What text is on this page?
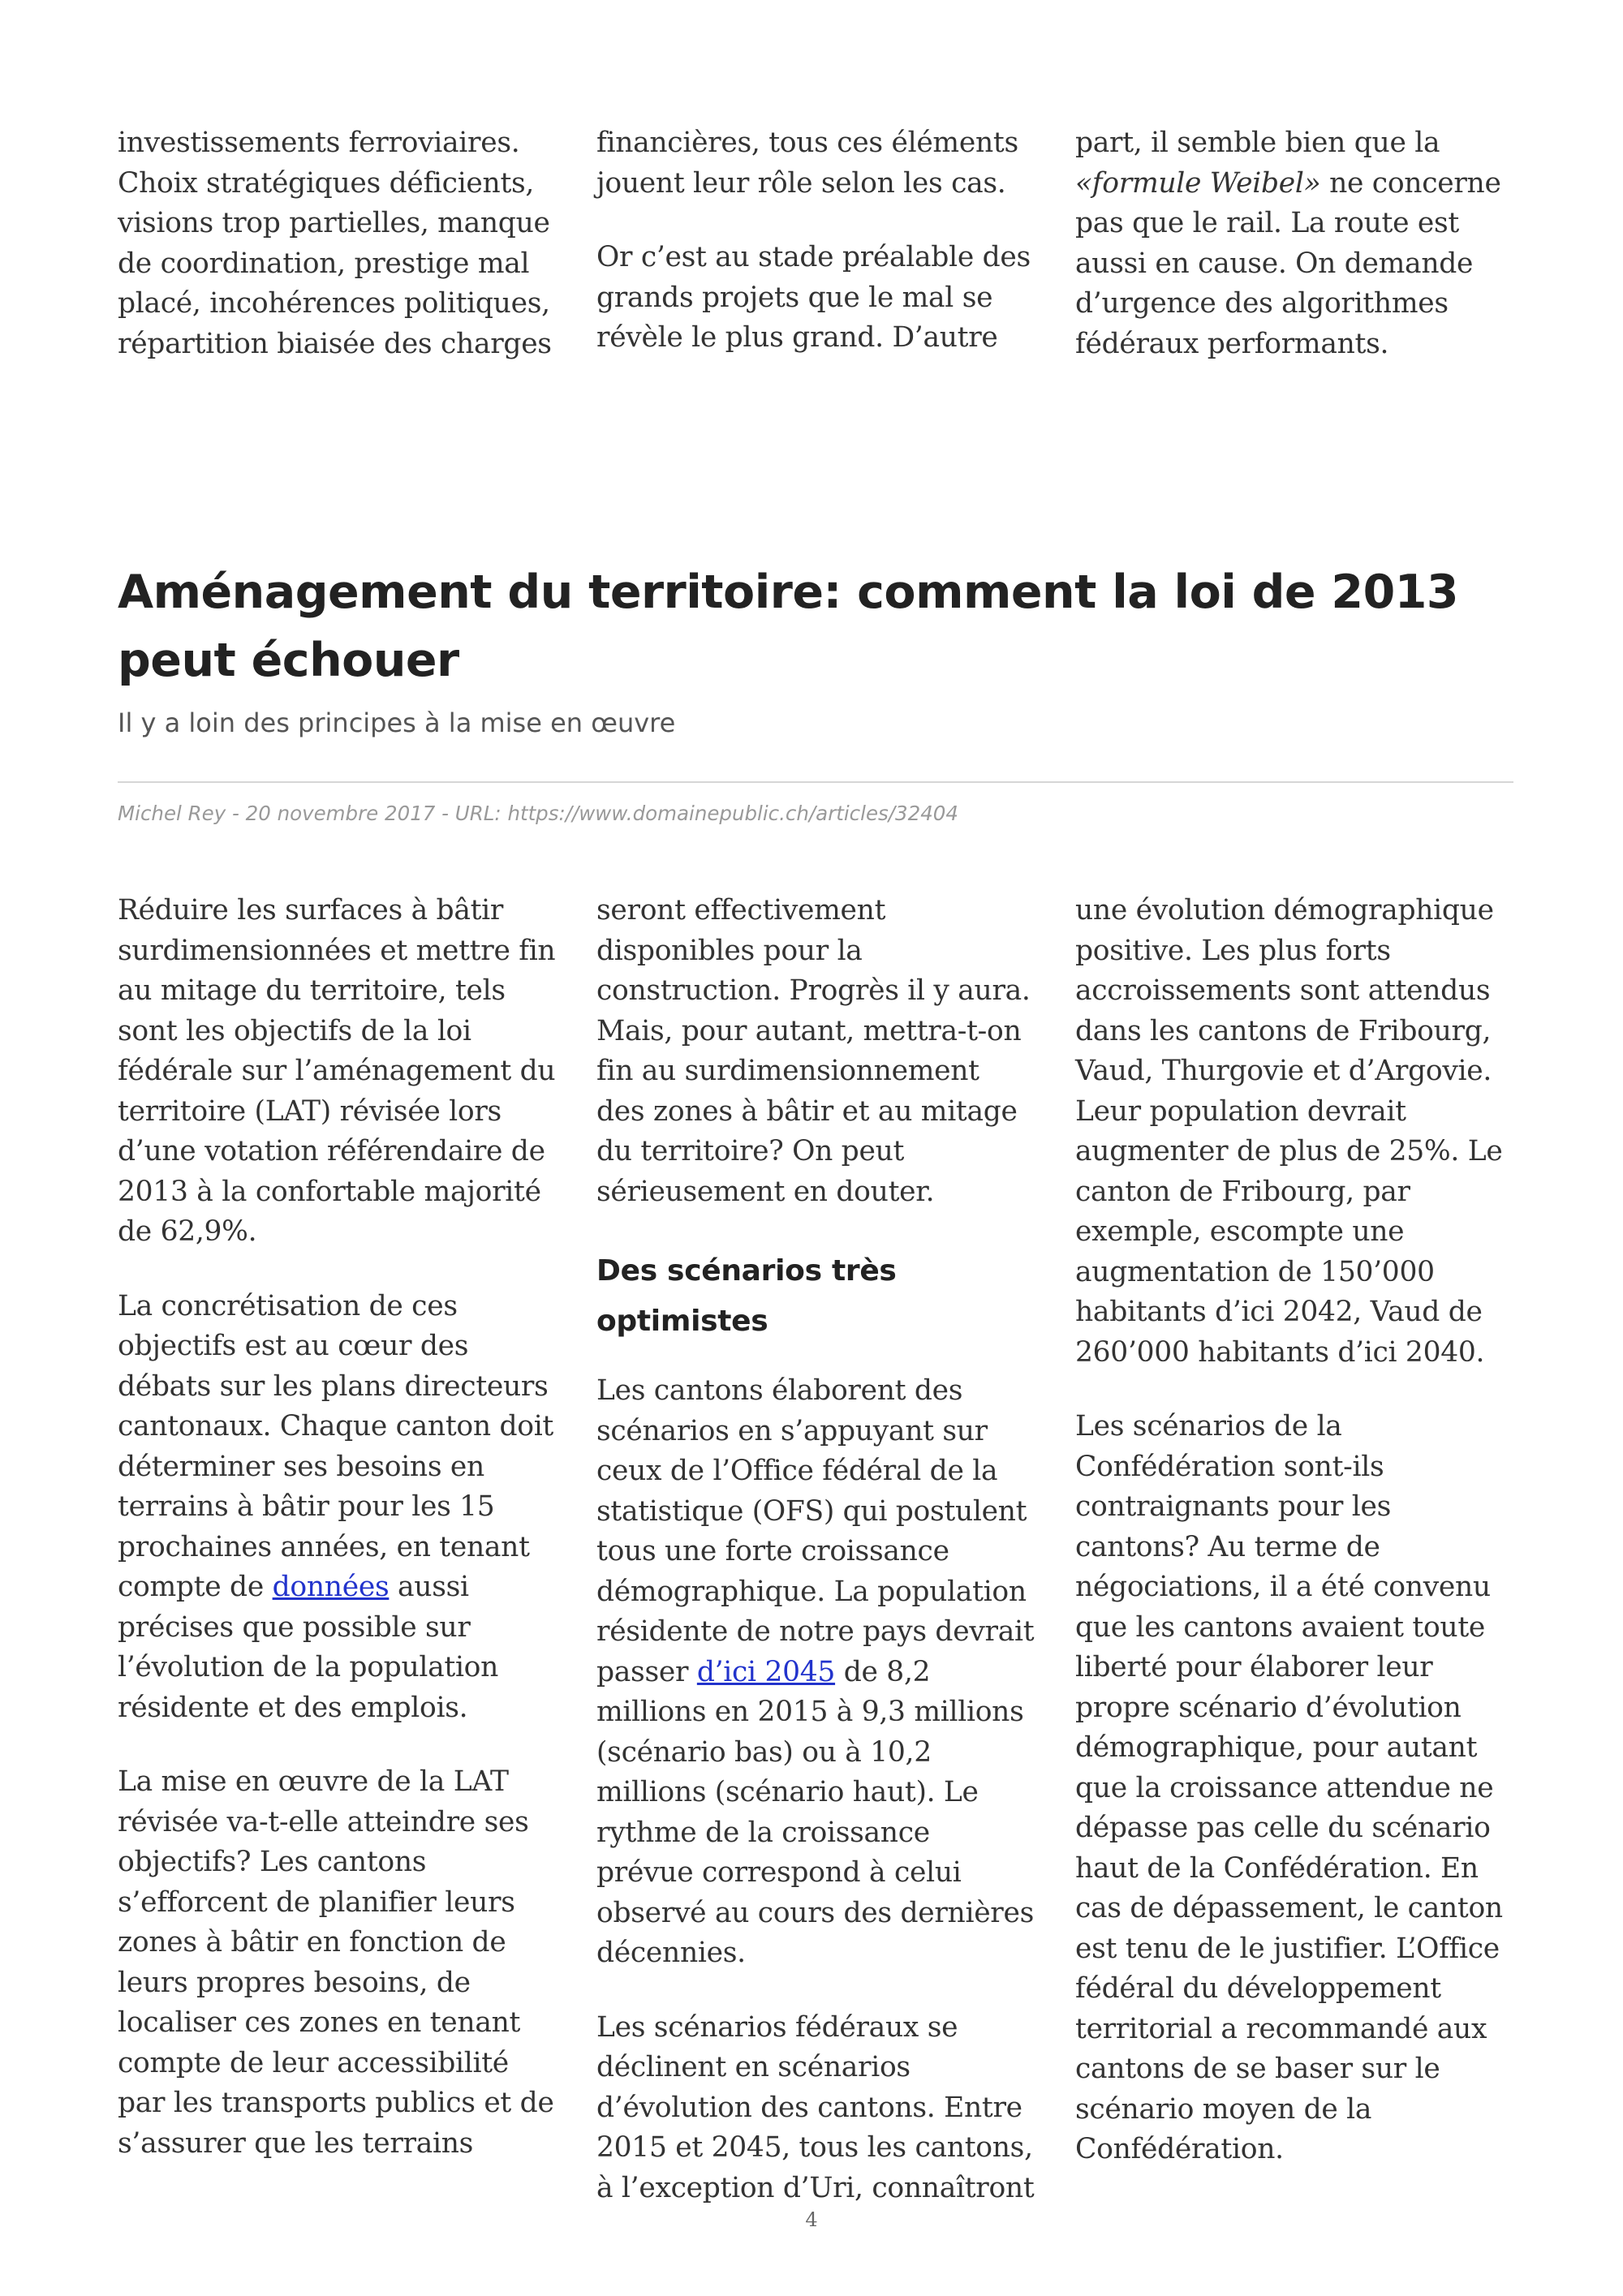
investissements ferroviaires. Choix stratégiques déficients, visions trop partielles, manque de coordination, prestige mal placé, incohérences politiques, répartition biaisée des charges

financières, tous ces éléments jouent leur rôle selon les cas.

Or c’est au stade préalable des grands projets que le mal se révèle le plus grand. D’autre

part, il semble bien que la «formule Weibel» ne concerne pas que le rail. La route est aussi en cause. On demande d’urgence des algorithmes fédéraux performants.

Aménagement du territoire: comment la loi de 2013 peut échouer

Il y a loin des principes à la mise en œuvre

Michel Rey - 20 novembre 2017 - URL: https://www.domainepublic.ch/articles/32404

Réduire les surfaces à bâtir surdimensionnées et mettre fin au mitage du territoire, tels sont les objectifs de la loi fédérale sur l’aménagement du territoire (LAT) révisée lors d’une votation référendaire de 2013 à la confortable majorité de 62,9%.

La concrétisation de ces objectifs est au cœur des débats sur les plans directeurs cantonaux. Chaque canton doit déterminer ses besoins en terrains à bâtir pour les 15 prochaines années, en tenant compte de données aussi précises que possible sur l’évolution de la population résidente et des emplois.

La mise en œuvre de la LAT révisée va-t-elle atteindre ses objectifs? Les cantons s’efforcent de planifier leurs zones à bâtir en fonction de leurs propres besoins, de localiser ces zones en tenant compte de leur accessibilité par les transports publics et de s’assurer que les terrains

seront effectivement disponibles pour la construction. Progrès il y aura. Mais, pour autant, mettra-t-on fin au surdimensionnement des zones à bâtir et au mitage du territoire? On peut sérieusement en douter.

Des scénarios très optimistes

Les cantons élaborent des scénarios en s’appuyant sur ceux de l’Office fédéral de la statistique (OFS) qui postulent tous une forte croissance démographique. La population résidente de notre pays devrait passer d’ici 2045 de 8,2 millions en 2015 à 9,3 millions (scénario bas) ou à 10,2 millions (scénario haut). Le rythme de la croissance prévue correspond à celui observé au cours des dernières décennies.

Les scénarios fédéraux se déclinent en scénarios d’évolution des cantons. Entre 2015 et 2045, tous les cantons, à l’exception d’Uri, connaîtront

une évolution démographique positive. Les plus forts accroissements sont attendus dans les cantons de Fribourg, Vaud, Thurgovie et d’Argovie. Leur population devrait augmenter de plus de 25%. Le canton de Fribourg, par exemple, escompte une augmentation de 150’000 habitants d’ici 2042, Vaud de 260’000 habitants d’ici 2040.

Les scénarios de la Confédération sont-ils contraignants pour les cantons? Au terme de négociations, il a été convenu que les cantons avaient toute liberté pour élaborer leur propre scénario d’évolution démographique, pour autant que la croissance attendue ne dépasse pas celle du scénario haut de la Confédération. En cas de dépassement, le canton est tenu de le justifier. L’Office fédéral du développement territorial a recommandé aux cantons de se baser sur le scénario moyen de la Confédération.

4
